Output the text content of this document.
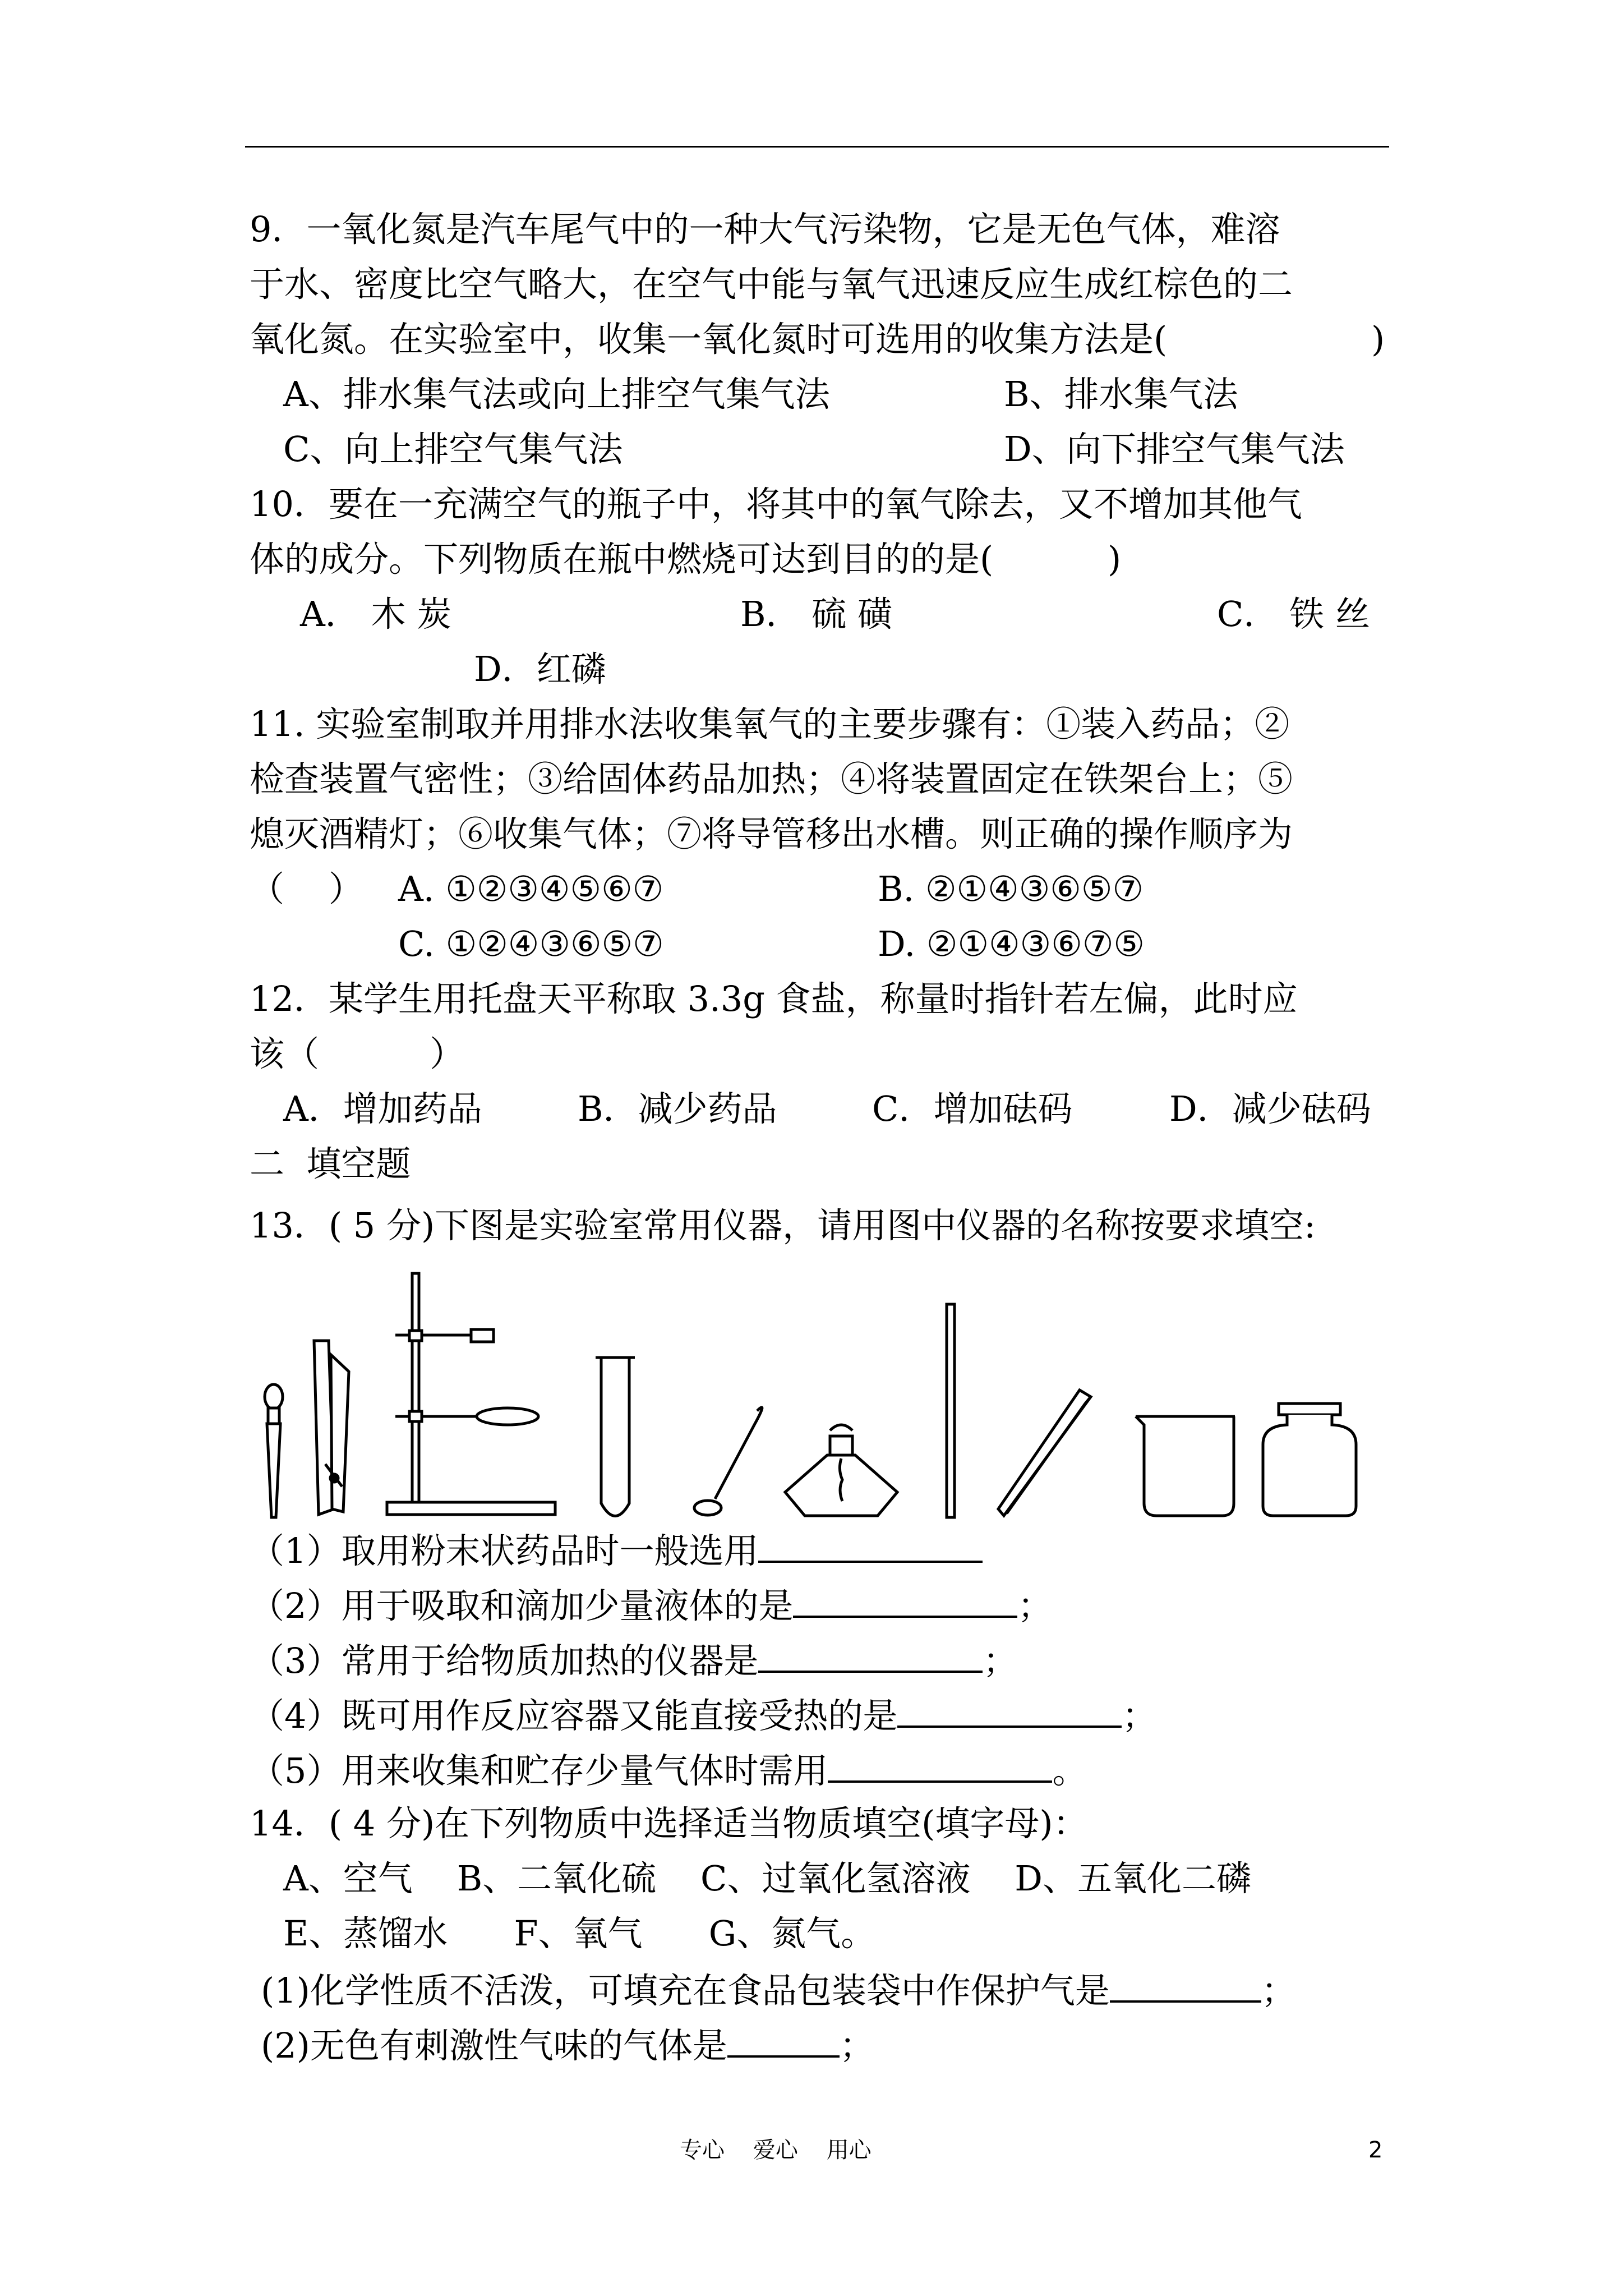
9．一氧化氮是汽车尾气中的一种大气污染物，它是无色气体，难溶
于水、密度比空气略大，在空气中能与氧气迅速反应生成红棕色的二
氧化氮。在实验室中，收集一氧化氮时可选用的收集方法是(	)
A、排水集气法或向上排空气集气法	B、排水集气法
C、向上排空气集气法	D、向下排空气集气法
10．要在一充满空气的瓶子中，将其中的氧气除去，又不增加其他气
体的成分。下列物质在瓶中燃烧可达到目的的是(	)
A． 木 炭	B． 硫 磺	C． 铁 丝
D．红磷
11. 实验室制取并用排水法收集氧气的主要步骤有：①装入药品；②
检查装置气密性；③给固体药品加热；④将装置固定在铁架台上；⑤
熄灭酒精灯；⑥收集气体；⑦将导管移出水槽。则正确的操作顺序为
（    ） A. ①②③④⑤⑥⑦	B. ②①④③⑥⑤⑦
C. ①②④③⑥⑤⑦	D. ②①④③⑥⑦⑤
12．某学生用托盘天平称取 3.3g 食盐，称量时指针若左偏，此时应
该（          ）
A．增加药品	B．减少药品	C．增加砝码	D．减少砝码
二  填空题
13．( 5 分)下图是实验室常用仪器，请用图中仪器的名称按要求填空:
（1）取用粉末状药品时一般选用
（2）用于吸取和滴加少量液体的是	；
（3）常用于给物质加热的仪器是	；
（4）既可用作反应容器又能直接受热的是	；
（5）用来收集和贮存少量气体时需用	。
14．( 4 分)在下列物质中选择适当物质填空(填字母)：
A、空气    B、二氧化硫    C、过氧化氢溶液    D、五氧化二磷
E、蒸馏水      F、氧气      G、氮气。
(1)化学性质不活泼，可填充在食品包装袋中作保护气是	；
(2)无色有刺激性气味的气体是	；
专心    爱心    用心	2
